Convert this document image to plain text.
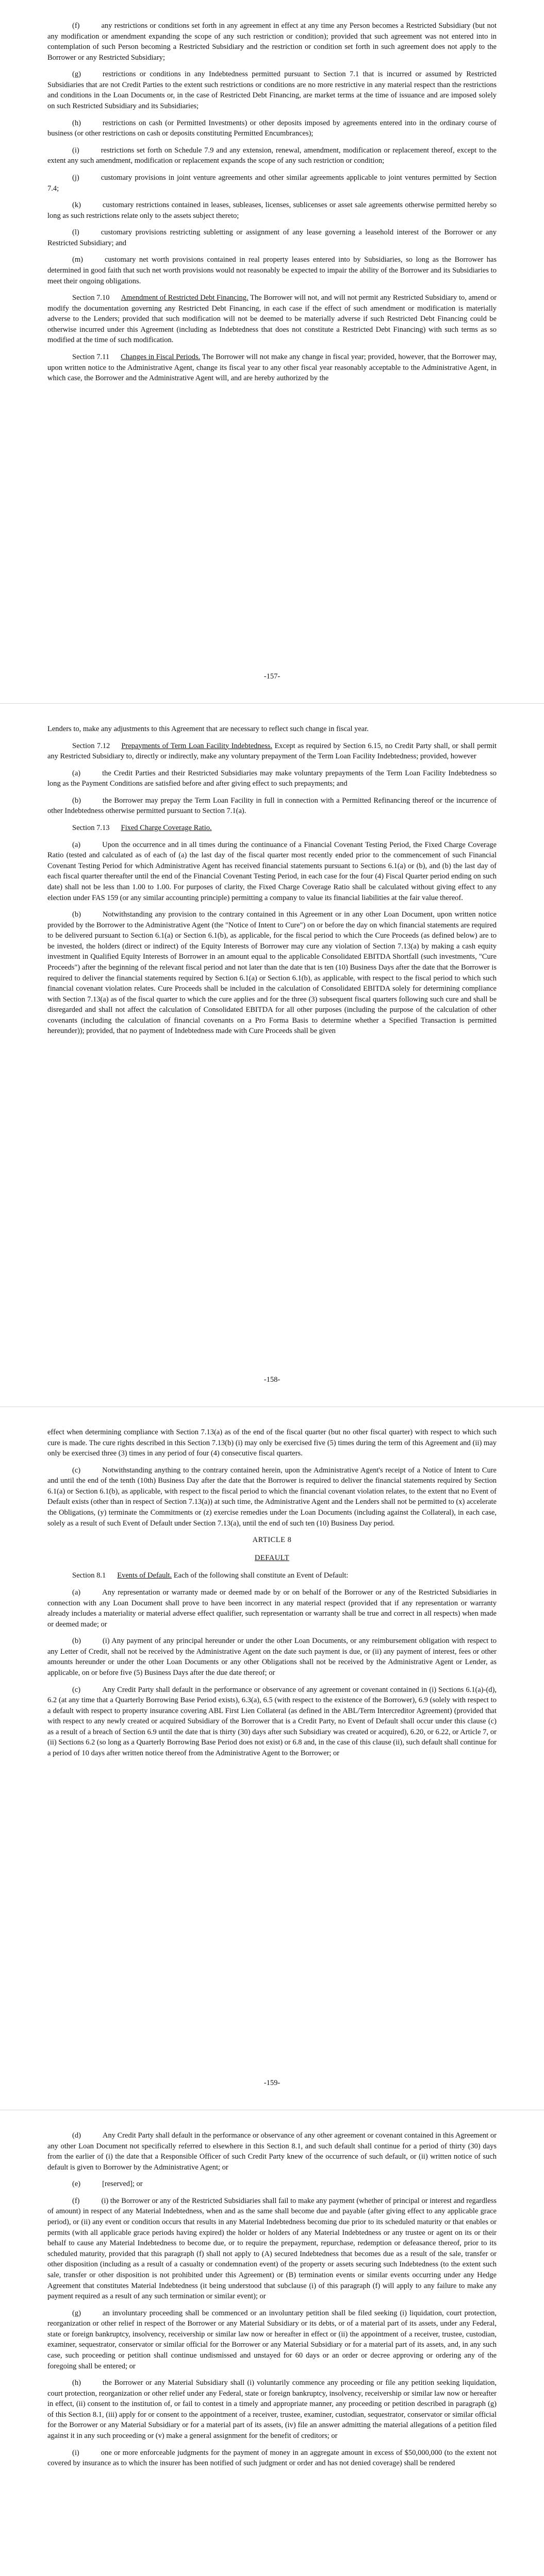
(f)	any restrictions or conditions set forth in any agreement in effect at any time any Person becomes a Restricted Subsidiary (but not any modification or amendment expanding the scope of any such restriction or condition); provided that such agreement was not entered into in contemplation of such Person becoming a Restricted Subsidiary and the restriction or condition set forth in such agreement does not apply to the Borrower or any Restricted Subsidiary;

(g)	restrictions or conditions in any Indebtedness permitted pursuant to Section 7.1 that is incurred or assumed by Restricted Subsidiaries that are not Credit Parties to the extent such restrictions or conditions are no more restrictive in any material respect than the restrictions and conditions in the Loan Documents or, in the case of Restricted Debt Financing, are market terms at the time of issuance and are imposed solely on such Restricted Subsidiary and its Subsidiaries;

(h)	restrictions on cash (or Permitted Investments) or other deposits imposed by agreements entered into in the ordinary course of business (or other restrictions on cash or deposits constituting Permitted Encumbrances);

(i)	restrictions set forth on Schedule 7.9 and any extension, renewal, amendment, modification or replacement thereof, except to the extent any such amendment, modification or replacement expands the scope of any such restriction or condition;

(j)	customary provisions in joint venture agreements and other similar agreements applicable to joint ventures permitted by Section 7.4;

(k)	customary restrictions contained in leases, subleases, licenses, sublicenses or asset sale agreements otherwise permitted hereby so long as such restrictions relate only to the assets subject thereto;

(l)	customary provisions restricting subletting or assignment of any lease governing a leasehold interest of the Borrower or any Restricted Subsidiary; and

(m)	customary net worth provisions contained in real property leases entered into by Subsidiaries, so long as the Borrower has determined in good faith that such net worth provisions would not reasonably be expected to impair the ability of the Borrower and its Subsidiaries to meet their ongoing obligations.

Section 7.10 Amendment of Restricted Debt Financing. The Borrower will not, and will not permit any Restricted Subsidiary to, amend or modify the documentation governing any Restricted Debt Financing, in each case if the effect of such amendment or modification is materially adverse to the Lenders; provided that such modification will not be deemed to be materially adverse if such Restricted Debt Financing could be otherwise incurred under this Agreement (including as Indebtedness that does not constitute a Restricted Debt Financing) with such terms as so modified at the time of such modification.

Section 7.11 Changes in Fiscal Periods. The Borrower will not make any change in fiscal year; provided, however, that the Borrower may, upon written notice to the Administrative Agent, change its fiscal year to any other fiscal year reasonably acceptable to the Administrative Agent, in which case, the Borrower and the Administrative Agent will, and are hereby authorized by the

-157-

Lenders to, make any adjustments to this Agreement that are necessary to reflect such change in fiscal year.

Section 7.12 Prepayments of Term Loan Facility Indebtedness. Except as required by Section 6.15, no Credit Party shall, or shall permit any Restricted Subsidiary to, directly or indirectly, make any voluntary prepayment of the Term Loan Facility Indebtedness; provided, however

(a)	the Credit Parties and their Restricted Subsidiaries may make voluntary prepayments of the Term Loan Facility Indebtedness so long as the Payment Conditions are satisfied before and after giving effect to such prepayments; and

(b)	the Borrower may prepay the Term Loan Facility in full in connection with a Permitted Refinancing thereof or the incurrence of other Indebtedness otherwise permitted pursuant to Section 7.1(a).

Section 7.13 Fixed Charge Coverage Ratio.

(a)	Upon the occurrence and in all times during the continuance of a Financial Covenant Testing Period, the Fixed Charge Coverage Ratio (tested and calculated as of each of (a) the last day of the fiscal quarter most recently ended prior to the commencement of such Financial Covenant Testing Period for which Administrative Agent has received financial statements pursuant to Sections 6.1(a) or (b), and (b) the last day of each fiscal quarter thereafter until the end of the Financial Covenant Testing Period, in each case for the four (4) Fiscal Quarter period ending on such date) shall not be less than 1.00 to 1.00. For purposes of clarity, the Fixed Charge Coverage Ratio shall be calculated without giving effect to any election under FAS 159 (or any similar accounting principle) permitting a company to value its financial liabilities at the fair value thereof.

(b)	Notwithstanding any provision to the contrary contained in this Agreement or in any other Loan Document, upon written notice provided by the Borrower to the Administrative Agent (the "Notice of Intent to Cure") on or before the day on which financial statements are required to be delivered pursuant to Section 6.1(a) or Section 6.1(b), as applicable, for the fiscal period to which the Cure Proceeds (as defined below) are to be invested, the holders (direct or indirect) of the Equity Interests of Borrower may cure any violation of Section 7.13(a) by making a cash equity investment in Qualified Equity Interests of Borrower in an amount equal to the applicable Consolidated EBITDA Shortfall (such investments, "Cure Proceeds") after the beginning of the relevant fiscal period and not later than the date that is ten (10) Business Days after the date that the Borrower is required to deliver the financial statements required by Section 6.1(a) or Section 6.1(b), as applicable, with respect to the fiscal period to which such financial covenant violation relates. Cure Proceeds shall be included in the calculation of Consolidated EBITDA solely for determining compliance with Section 7.13(a) as of the fiscal quarter to which the cure applies and for the three (3) subsequent fiscal quarters following such cure and shall be disregarded and shall not affect the calculation of Consolidated EBITDA for all other purposes (including the purpose of the calculation of other covenants (including the calculation of financial covenants on a Pro Forma Basis to determine whether a Specified Transaction is permitted hereunder)); provided, that no payment of Indebtedness made with Cure Proceeds shall be given

-158-

effect when determining compliance with Section 7.13(a) as of the end of the fiscal quarter (but no other fiscal quarter) with respect to which such cure is made. The cure rights described in this Section 7.13(b) (i) may only be exercised five (5) times during the term of this Agreement and (ii) may only be exercised three (3) times in any period of four (4) consecutive fiscal quarters.

(c)	Notwithstanding anything to the contrary contained herein, upon the Administrative Agent's receipt of a Notice of Intent to Cure and until the end of the tenth (10th) Business Day after the date that the Borrower is required to deliver the financial statements required by Section 6.1(a) or Section 6.1(b), as applicable, with respect to the fiscal period to which the financial covenant violation relates, to the extent that no Event of Default exists (other than in respect of Section 7.13(a)) at such time, the Administrative Agent and the Lenders shall not be permitted to (x) accelerate the Obligations, (y) terminate the Commitments or (z) exercise remedies under the Loan Documents (including against the Collateral), in each case, solely as a result of such Event of Default under Section 7.13(a), until the end of such ten (10) Business Day period.

ARTICLE 8

DEFAULT

Section 8.1 Events of Default. Each of the following shall constitute an Event of Default:

(a)	Any representation or warranty made or deemed made by or on behalf of the Borrower or any of the Restricted Subsidiaries in connection with any Loan Document shall prove to have been incorrect in any material respect (provided that if any representation or warranty already includes a materiality or material adverse effect qualifier, such representation or warranty shall be true and correct in all respects) when made or deemed made; or

(b)	(i) Any payment of any principal hereunder or under the other Loan Documents, or any reimbursement obligation with respect to any Letter of Credit, shall not be received by the Administrative Agent on the date such payment is due, or (ii) any payment of interest, fees or other amounts hereunder or under the other Loan Documents or any other Obligations shall not be received by the Administrative Agent or Lender, as applicable, on or before five (5) Business Days after the due date thereof; or

(c)	Any Credit Party shall default in the performance or observance of any agreement or covenant contained in (i) Sections 6.1(a)-(d), 6.2 (at any time that a Quarterly Borrowing Base Period exists), 6.3(a), 6.5 (with respect to the existence of the Borrower), 6.9 (solely with respect to a default with respect to property insurance covering ABL First Lien Collateral (as defined in the ABL/Term Intercreditor Agreement) (provided that with respect to any newly created or acquired Subsidiary of the Borrower that is a Credit Party, no Event of Default shall occur under this clause (c) as a result of a breach of Section 6.9 until the date that is thirty (30) days after such Subsidiary was created or acquired), 6.20, or 6.22, or Article 7, or (ii) Sections 6.2 (so long as a Quarterly Borrowing Base Period does not exist) or 6.8 and, in the case of this clause (ii), such default shall continue for a period of 10 days after written notice thereof from the Administrative Agent to the Borrower; or

-159-

(d)	Any Credit Party shall default in the performance or observance of any other agreement or covenant contained in this Agreement or any other Loan Document not specifically referred to elsewhere in this Section 8.1, and such default shall continue for a period of thirty (30) days from the earlier of (i) the date that a Responsible Officer of such Credit Party knew of the occurrence of such default, or (ii) written notice of such default is given to Borrower by the Administrative Agent; or

(e)	[reserved]; or

(f)	(i) the Borrower or any of the Restricted Subsidiaries shall fail to make any payment (whether of principal or interest and regardless of amount) in respect of any Material Indebtedness, when and as the same shall become due and payable (after giving effect to any applicable grace period), or (ii) any event or condition occurs that results in any Material Indebtedness becoming due prior to its scheduled maturity or that enables or permits (with all applicable grace periods having expired) the holder or holders of any Material Indebtedness or any trustee or agent on its or their behalf to cause any Material Indebtedness to become due, or to require the prepayment, repurchase, redemption or defeasance thereof, prior to its scheduled maturity, provided that this paragraph (f) shall not apply to (A) secured Indebtedness that becomes due as a result of the sale, transfer or other disposition (including as a result of a casualty or condemnation event) of the property or assets securing such Indebtedness (to the extent such sale, transfer or other disposition is not prohibited under this Agreement) or (B) termination events or similar events occurring under any Hedge Agreement that constitutes Material Indebtedness (it being understood that subclause (i) of this paragraph (f) will apply to any failure to make any payment required as a result of any such termination or similar event); or

(g)	an involuntary proceeding shall be commenced or an involuntary petition shall be filed seeking (i) liquidation, court protection, reorganization or other relief in respect of the Borrower or any Material Subsidiary or its debts, or of a material part of its assets, under any Federal, state or foreign bankruptcy, insolvency, receivership or similar law now or hereafter in effect or (ii) the appointment of a receiver, trustee, custodian, examiner, sequestrator, conservator or similar official for the Borrower or any Material Subsidiary or for a material part of its assets, and, in any such case, such proceeding or petition shall continue undismissed and unstayed for 60 days or an order or decree approving or ordering any of the foregoing shall be entered; or

(h)	the Borrower or any Material Subsidiary shall (i) voluntarily commence any proceeding or file any petition seeking liquidation, court protection, reorganization or other relief under any Federal, state or foreign bankruptcy, insolvency, receivership or similar law now or hereafter in effect, (ii) consent to the institution of, or fail to contest in a timely and appropriate manner, any proceeding or petition described in paragraph (g) of this Section 8.1, (iii) apply for or consent to the appointment of a receiver, trustee, examiner, custodian, sequestrator, conservator or similar official for the Borrower or any Material Subsidiary or for a material part of its assets, (iv) file an answer admitting the material allegations of a petition filed against it in any such proceeding or (v) make a general assignment for the benefit of creditors; or

(i)	one or more enforceable judgments for the payment of money in an aggregate amount in excess of $50,000,000 (to the extent not covered by insurance as to which the insurer has been notified of such judgment or order and has not denied coverage) shall be rendered
